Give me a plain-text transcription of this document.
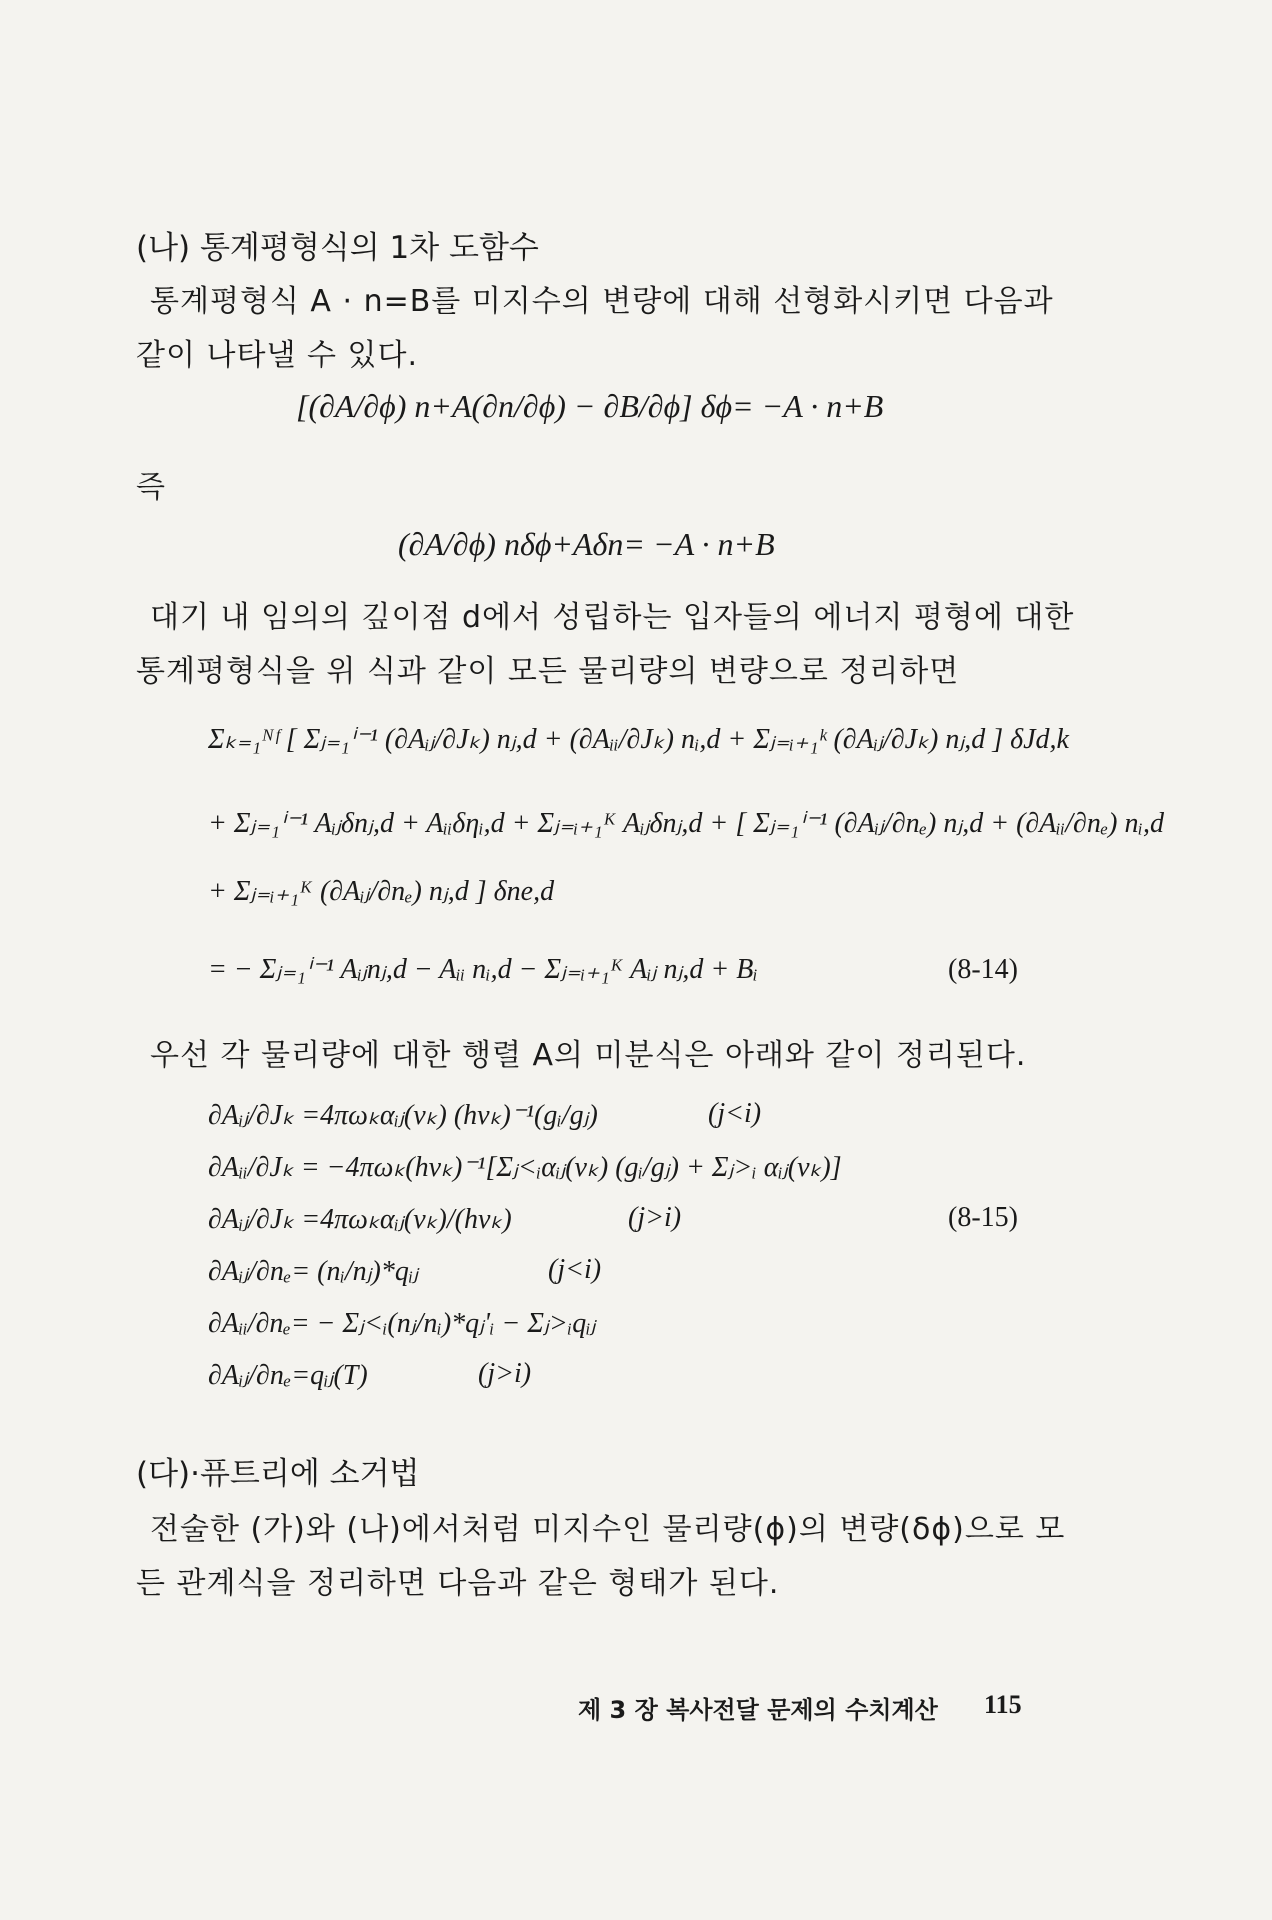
(나) 통계평형식의 1차 도함수
통계평형식 A · n=B를 미지수의 변량에 대해 선형화시키면 다음과
같이 나타낼 수 있다.
[(∂A/∂ϕ) n+A(∂n/∂ϕ) − ∂B/∂ϕ] δϕ= −A · n+B
즉
(∂A/∂ϕ) nδϕ+Aδn= −A · n+B
대기 내 임의의 깊이점 d에서 성립하는 입자들의 에너지 평형에 대한
통계평형식을 위 식과 같이 모든 물리량의 변량으로 정리하면
Σₖ₌₁ᴺᶠ [ Σⱼ₌₁ⁱ⁻¹ (∂Aᵢⱼ/∂Jₖ) nⱼ,d + (∂Aᵢᵢ/∂Jₖ) nᵢ,d + Σⱼ₌ᵢ₊₁ᵏ (∂Aᵢⱼ/∂Jₖ) nⱼ,d ] δJd,k
+ Σⱼ₌₁ⁱ⁻¹ Aᵢⱼδnⱼ,d + Aᵢᵢδηᵢ,d + Σⱼ₌ᵢ₊₁ᴷ Aᵢⱼδnⱼ,d + [ Σⱼ₌₁ⁱ⁻¹ (∂Aᵢⱼ/∂nₑ) nⱼ,d + (∂Aᵢᵢ/∂nₑ) nᵢ,d
+ Σⱼ₌ᵢ₊₁ᴷ (∂Aᵢⱼ/∂nₑ) nⱼ,d ] δne,d
= − Σⱼ₌₁ⁱ⁻¹ Aᵢⱼnⱼ,d − Aᵢᵢ nᵢ,d − Σⱼ₌ᵢ₊₁ᴷ Aᵢⱼ nⱼ,d + Bᵢ	(8-14)
우선 각 물리량에 대한 행렬 A의 미분식은 아래와 같이 정리된다.
∂Aᵢⱼ/∂Jₖ =4πωₖαᵢⱼ(νₖ) (hνₖ)⁻¹(gᵢ/gⱼ)	(j<i)
∂Aᵢᵢ/∂Jₖ = −4πωₖ(hνₖ)⁻¹[Σⱼ<ᵢαᵢⱼ(νₖ) (gᵢ/gⱼ) + Σⱼ>ᵢ αᵢⱼ(νₖ)]
∂Aᵢⱼ/∂Jₖ =4πωₖαᵢⱼ(νₖ)/(hνₖ)	(j>i)	(8-15)
∂Aᵢⱼ/∂nₑ= (nᵢ/nⱼ)*qᵢⱼ	(j<i)
∂Aᵢᵢ/∂nₑ= − Σⱼ<ᵢ(nⱼ/nᵢ)*qⱼ'ᵢ − Σⱼ>ᵢqᵢⱼ
∂Aᵢⱼ/∂nₑ=qᵢⱼ(T)	(j>i)
(다)·퓨트리에 소거법
전술한 (가)와 (나)에서처럼 미지수인 물리량(ϕ)의 변량(δϕ)으로 모
든 관계식을 정리하면 다음과 같은 형태가 된다.
제 3 장 복사전달 문제의 수치계산 115
